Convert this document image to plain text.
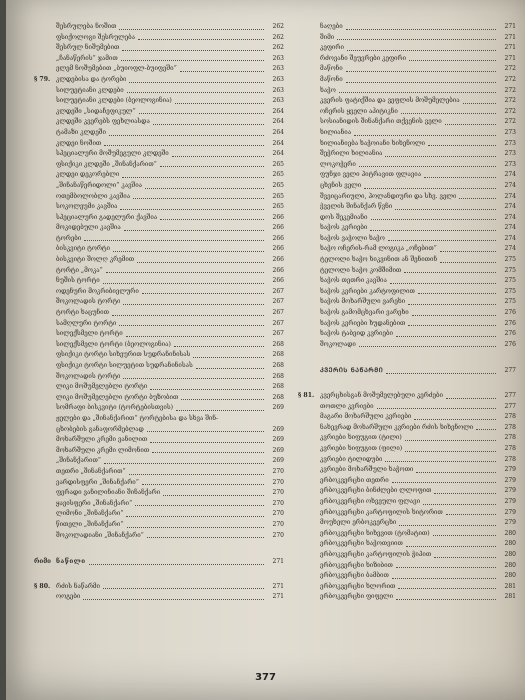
შესრულება ნოშით	262
ფსიქოლოგი შესრულება	262
შესრულ ნიშუმებით	262
„ჩანაწერის“ ჯამით	263
ელემ ნოშუმებით „ბუიოფლ-ბუიფეში“	263
§ 79. კლდებისა და ტორები	263
სილუეტიანი კლდები	263
სილუეტიანი კლდები (ბეოლოგინია)	263
კლდეში „სიდაჩეფიკულ“	264
კლდეში კვერებს ფეხლიასდა	264
ტამაზი კლდეში	264
კლდეი ნოშით	264
სპეციალური მოშუმეგული კლდეში	264
ფსიქიკი კლდეში „შინანქარით“	265
კლდეი დეკორებლი	265
„შინანაწერიდოლი“ კავშია	265
ოთემბოლობლი კავშია	265
სოკოლეუმი კავშია	265
სპეციალური გადელური ქავშია	266
მოკიდებული კავშია	266
ტორები	266
ბისკვიტი ტორტი	266
ბისკვიტი შოლღ კრემით	266
ტორტი „მოკა“	266
ნუშის ტორტი	266
ოდენური მოკრიბიელური	267
შოკოლადის ტორტი	267
ტორტი ხაცუნით	267
სამღლური ტორტი	267
სილექსმელი ტორტი	267
სილექსმელი ტორტი (ბეოლოგინია)	268
ფსიქიკი ტორტი სიხეურით სუდრანინისას	268
ფსიქიკი ტორტი სილუეტით სუდრანინისას	268
შოკოლადის ტორტი	268
ლიკი მოშუმელებლი ტორტი	268
ლიკი მოშუმელებლი ტორტი ბუზობით	268
სომრაფი ბისკვიტი (ტორტებისთვის)	269
ჟელები და „შინანქარით“ ტორტებისა და სხვა შინ-
ცხობების განაფორმებლად	269
მოხარშული კრემი ვანილით	269
მოხარშული კრემი ლიმონით	269
„შინანქარით“	269
თეთრი „შინანქარით“	270
ვარდისფერი „შინანქარი“	270
ფერადი ვანილინიანი შინანქარი	270
ყავისფერი „შინანქარი“	270
ლიმონი „შინანქარი“	270
წითელი „შინანქარი“	270
შოკოლადიანი „შინანქარი“	270
რიმი ნაწილი	271
§ 80. რძის ნაწარმი	271
ოოგები	271
ნაღები	271
შიმი	271
კეფირი	271
რძოვანი შეუვრები კეფირი	271
მაწონი	272
მაწონი	272
ხაჭო	272
კვერის ფატიქშია და ვეფლის მოშუმელებია	272
ოჩერის ყველი აჰიტიკნი	272
სოსიანიდის შინანქარი თქვენის ველი	272
ხილიანია	273
ხილიანიება ხაჭოიანი ხიხენოლი	273
შეჭრილი ხილიანია	273
ლოკოჭერი	273
ფუნჯი ველი პიტრავით ფლავია	274
ცხენის ველი	274
შვეიცარიული, პოლანდიური და სხვ. ველი	274
ჭველის შინანქარ წვნი	274
დოს შეკემიანი	274
ხაჭოს კვრიები	274
ხაჭოს ვაჭოლი ხაჭო	274
ხაჭო ოჩერის-რამ ლოგიკა „ოჩებით“	274
ტელოლი ხაჭო ხიკვინით ან შენითინ	275
ტელოლი ხაჭო კომშიმით	275
ხაჭოს თეთრი კავშია	275
ხაჭოს კვრიები კარტოფილით	275
ხაჭოს მოხარშული ვარეხი	275
ხაჭოს გამომცხვარი ვარეხი	276
ხაჭოს კვრიები ხუდანებით	276
ხაჭოს ტაბეიდ კვრიები	276
შოკოლადი	276
ᲙᲕᲔᲠᲘᲡ ᲜᲐᲬᲐᲠᲛᲘ	277
§ 81. კვერცხისგან მოშუმელებული კერძები	277
თოთლი კვრიები	277
მაგარი მოხარშული კვრიები	278
ნახევრად მოხარშული კვრიები რძის ხიხენოლი	278
კვრიები ხიფუგით (ტილი)	278
კვრიები ხიფუგით (ფილი)	278
კვრიები ტილიდუბი	278
კვრიები მოხარშული ხაჭოთი	279
ერბოკვერცხი თეთრი	279
ერბოკვერცხი ბინძლები ლლოფით	279
ერბოკვერცხი ოხვეული ფლავი	279
ერბოკვერცხი კარტოფილის ხიტორით	279
მოუხელი ერბოკვერცხი	279
ერბოკვერცხი ხიხევით (ტომატით)	280
ერბოკვერცხი ხაჭოთვიით	280
ერბოკვერცხი კარტოფილის ჭიპით	280
ერბოკვერცხი ხიზიბით	280
ერბოკვერცხი ბამბით	280
ერბოკვერცხი ხლორით	281
ერბოკვერცხი ფიფელი	281
377
